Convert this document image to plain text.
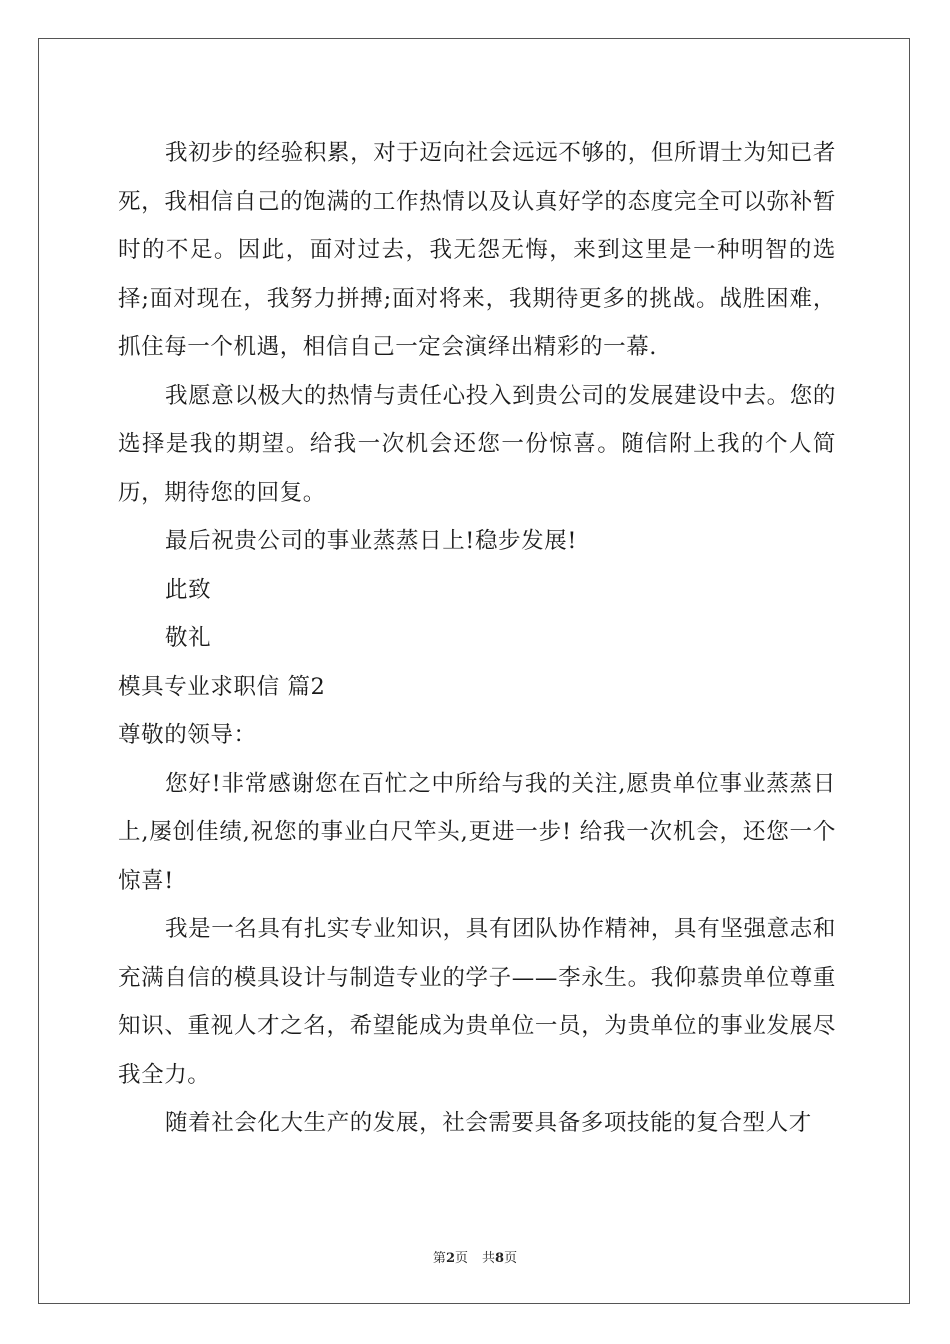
我初步的经验积累，对于迈向社会远远不够的，但所谓士为知已者死，我相信自己的饱满的工作热情以及认真好学的态度完全可以弥补暂时的不足。因此，面对过去，我无怨无悔，来到这里是一种明智的选择;面对现在，我努力拼搏;面对将来，我期待更多的挑战。战胜困难，抓住每一个机遇，相信自己一定会演绎出精彩的一幕.

我愿意以极大的热情与责任心投入到贵公司的发展建设中去。您的选择是我的期望。给我一次机会还您一份惊喜。随信附上我的个人简历，期待您的回复。

最后祝贵公司的事业蒸蒸日上!稳步发展!

此致

敬礼

模具专业求职信 篇2

尊敬的领导：

您好!非常感谢您在百忙之中所给与我的关注,愿贵单位事业蒸蒸日上,屡创佳绩,祝您的事业白尺竿头,更进一步! 给我一次机会，还您一个惊喜!

我是一名具有扎实专业知识，具有团队协作精神，具有坚强意志和充满自信的模具设计与制造专业的学子——李永生。我仰慕贵单位尊重知识、重视人才之名，希望能成为贵单位一员，为贵单位的事业发展尽我全力。

随着社会化大生产的发展，社会需要具备多项技能的复合型人才

第2页 共8页
